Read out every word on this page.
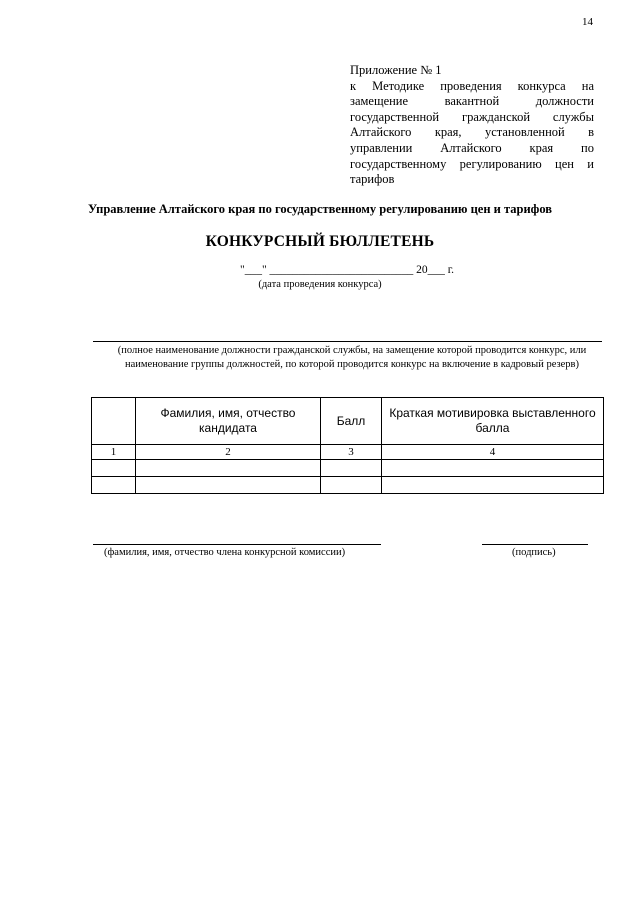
14
Приложение № 1
к Методике проведения конкурса на
замещение вакантной должности
государственной гражданской службы
Алтайского края, установленной в
управлении Алтайского края по
государственному регулированию цен и
тарифов
Управление Алтайского края по государственному регулированию цен и тарифов
КОНКУРСНЫЙ БЮЛЛЕТЕНЬ
"___" _________________________ 20___ г.
(дата проведения конкурса)
(полное наименование должности гражданской службы, на замещение которой проводится конкурс, или наименование группы должностей, по которой проводится конкурс на включение в кадровый резерв)
	Фамилия, имя, отчество кандидата	Балл	Краткая мотивировка выставленного балла
1	2	3	4

(фамилия, имя, отчество члена конкурсной комиссии)	(подпись)
